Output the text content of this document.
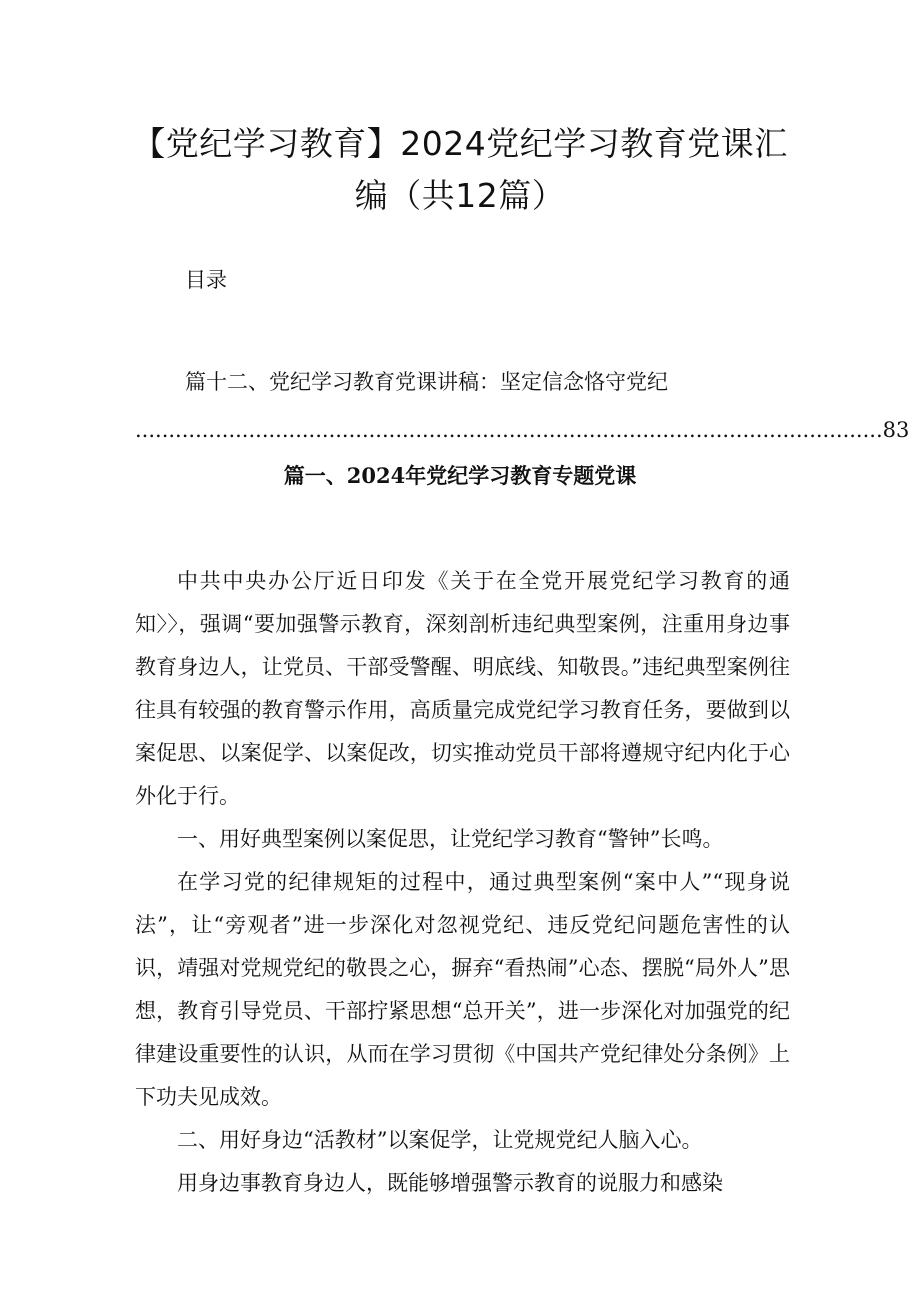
【党纪学习教育】2024党纪学习教育党课汇编（共12篇）
目录
篇十二、党纪学习教育党课讲稿：坚定信念恪守党纪
................................................................................................................ 83
篇一、2024年党纪学习教育专题党课

中共中央办公厅近日印发《关于在全党开展党纪学习教育的通知〉〉，强调“要加强警示教育，深刻剖析违纪典型案例，注重用身边事教育身边人，让党员、干部受警醒、明底线、知敬畏。”违纪典型案例往往具有较强的教育警示作用，高质量完成党纪学习教育任务，要做到以案促思、以案促学、以案促改，切实推动党员干部将遵规守纪内化于心外化于行。

一、用好典型案例以案促思，让党纪学习教育“警钟”长鸣。

在学习党的纪律规矩的过程中，通过典型案例“案中人”“现身说法”，让“旁观者”进一步深化对忽视党纪、违反党纪问题危害性的认识，靖强对党规党纪的敬畏之心，摒弃“看热闹”心态、摆脱“局外人”思想，教育引导党员、干部拧紧思想“总开关”，进一步深化对加强党的纪律建设重要性的认识，从而在学习贯彻《中国共产党纪律处分条例》上下功夫见成效。

二、用好身边“活教材”以案促学，让党规党纪人脑入心。

用身边事教育身边人，既能够增强警示教育的说服力和感染
